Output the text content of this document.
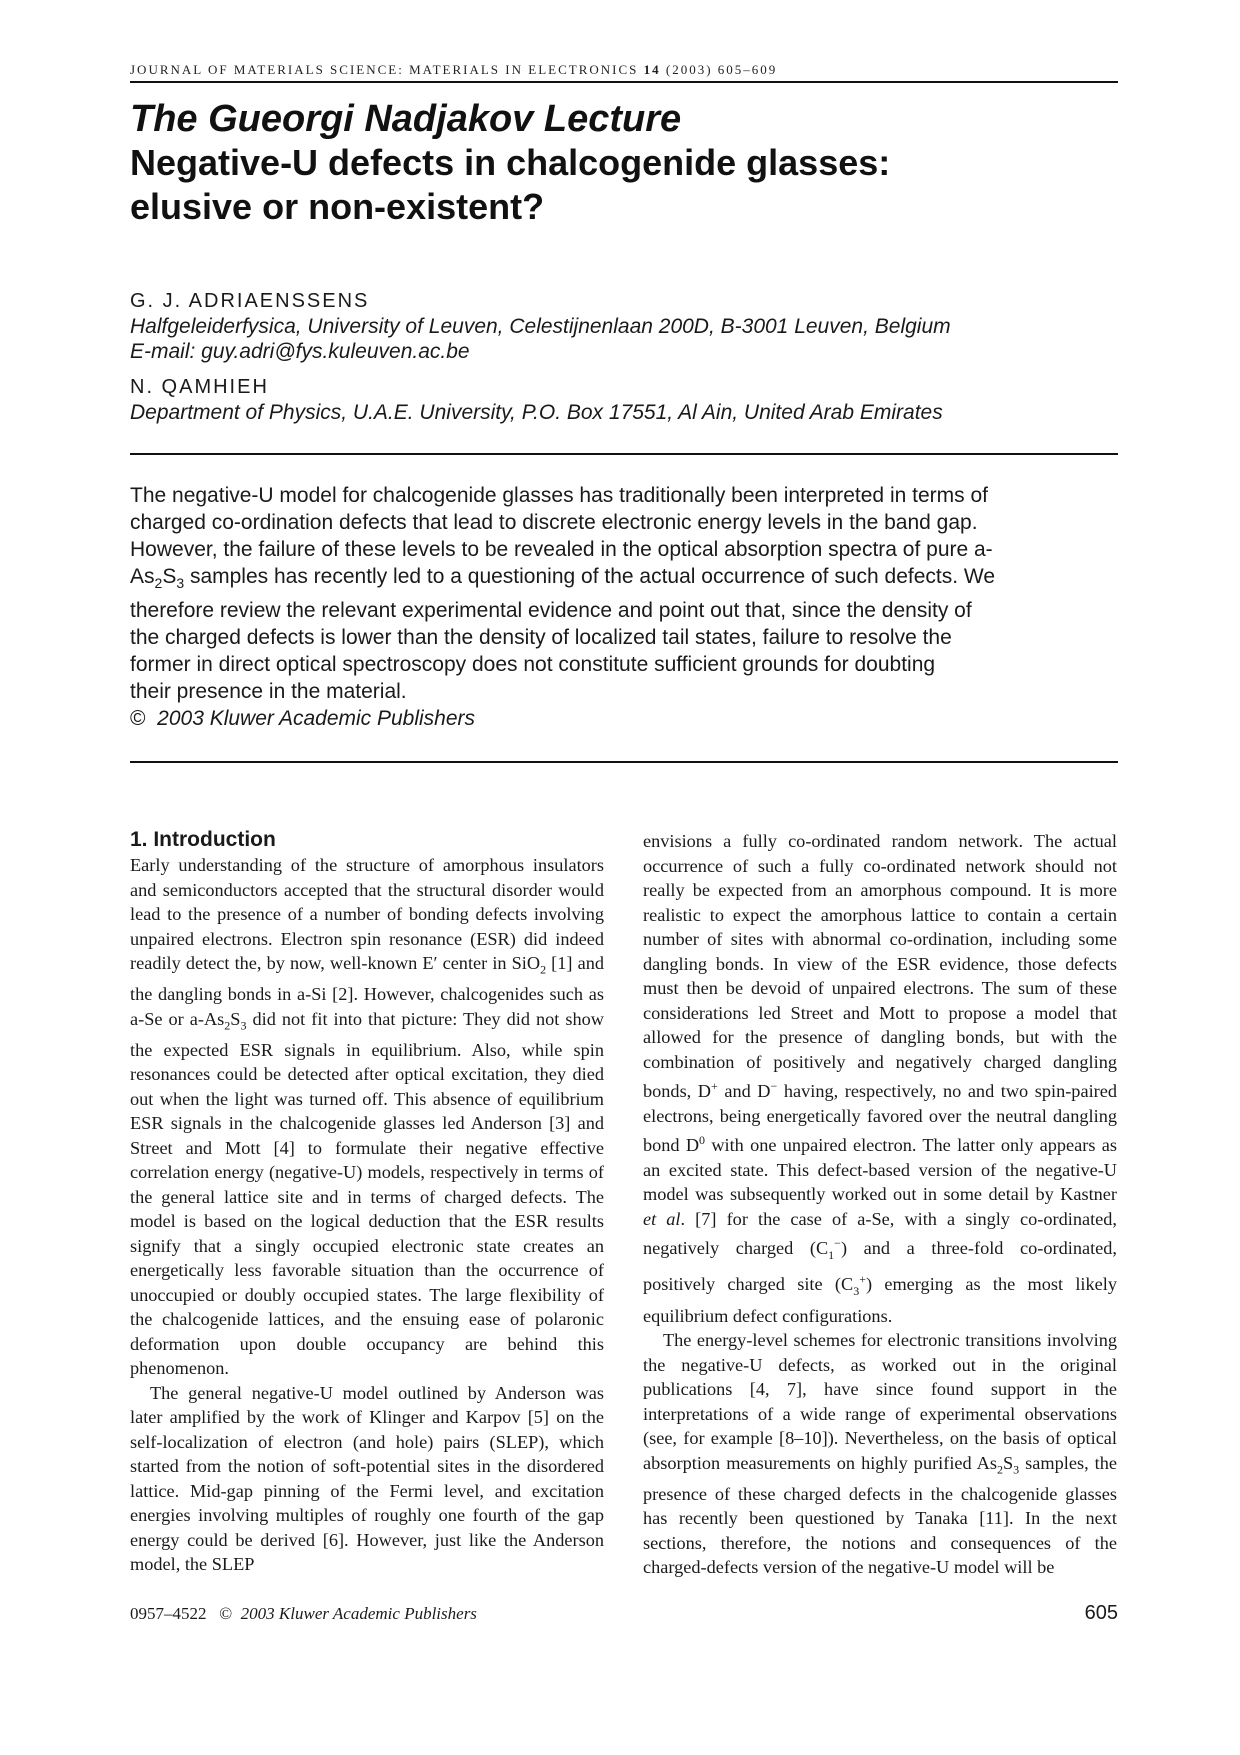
JOURNAL OF MATERIALS SCIENCE: MATERIALS IN ELECTRONICS 14 (2003) 605–609
The Gueorgi Nadjakov Lecture
Negative-U defects in chalcogenide glasses:
elusive or non-existent?
G. J. ADRIAENSSENS
Halfgeleiderfysica, University of Leuven, Celestijnenlaan 200D, B-3001 Leuven, Belgium
E-mail: guy.adri@fys.kuleuven.ac.be
N. QAMHIEH
Department of Physics, U.A.E. University, P.O. Box 17551, Al Ain, United Arab Emirates
The negative-U model for chalcogenide glasses has traditionally been interpreted in terms of
charged co-ordination defects that lead to discrete electronic energy levels in the band gap.
However, the failure of these levels to be revealed in the optical absorption spectra of pure a-
$As_2S_3$ samples has recently led to a questioning of the actual occurrence of such defects. We
therefore review the relevant experimental evidence and point out that, since the density of
the charged defects is lower than the density of localized tail states, failure to resolve the
former in direct optical spectroscopy does not constitute sufficient grounds for doubting
their presence in the material.
© 2003 Kluwer Academic Publishers
1. Introduction

Early understanding of the structure of amorphous insulators and semiconductors accepted that the structural disorder would lead to the presence of a number of bonding defects involving unpaired electrons. Electron spin resonance (ESR) did indeed readily detect the, by now, well-known E′ center in SiO$_2$ [1] and the dangling bonds in a-Si [2]. However, chalcogenides such as a-Se or $a-As_2S_3$ did not fit into that picture: They did not show the expected ESR signals in equilibrium. Also, while spin resonances could be detected after optical excitation, they died out when the light was turned off. This absence of equilibrium ESR signals in the chalcogenide glasses led Anderson [3] and Street and Mott [4] to formulate their negative effective correlation energy (negative-U) models, respectively in terms of the general lattice site and in terms of charged defects. The model is based on the logical deduction that the ESR results signify that a singly occupied electronic state creates an energetically less favorable situation than the occurrence of unoccupied or doubly occupied states. The large flexibility of the chalcogenide lattices, and the ensuing ease of polaronic deformation upon double occupancy are behind this phenomenon.

The general negative-U model outlined by Anderson was later amplified by the work of Klinger and Karpov [5] on the self-localization of electron (and hole) pairs (SLEP), which started from the notion of soft-potential sites in the disordered lattice. Mid-gap pinning of the Fermi level, and excitation energies involving multiples of roughly one fourth of the gap energy could be derived [6]. However, just like the Anderson model, the SLEP

envisions a fully co-ordinated random network. The actual occurrence of such a fully co-ordinated network should not really be expected from an amorphous compound. It is more realistic to expect the amorphous lattice to contain a certain number of sites with abnormal co-ordination, including some dangling bonds. In view of the ESR evidence, those defects must then be devoid of unpaired electrons. The sum of these considerations led Street and Mott to propose a model that allowed for the presence of dangling bonds, but with the combination of positively and negatively charged dangling bonds, D+ and D− having, respectively, no and two spin-paired electrons, being energetically favored over the neutral dangling bond $D^0$ with one unpaired electron. The latter only appears as an excited state. This defect-based version of the negative-U model was subsequently worked out in some detail by Kastner et al. [7] for the case of a-Se, with a singly co-ordinated, negatively charged $(C_1^-)$ and a three-fold co-ordinated, positively charged site $(C_3^+)$ emerging as the most likely equilibrium defect configurations.

The energy-level schemes for electronic transitions involving the negative-U defects, as worked out in the original publications [4, 7], have since found support in the interpretations of a wide range of experimental observations (see, for example [8–10]). Nevertheless, on the basis of optical absorption measurements on highly purified $As_2S_3$ samples, the presence of these charged defects in the chalcogenide glasses has recently been questioned by Tanaka [11]. In the next sections, therefore, the notions and consequences of the charged-defects version of the negative-U model will be

0957–4522 © 2003 Kluwer Academic Publishers	605
